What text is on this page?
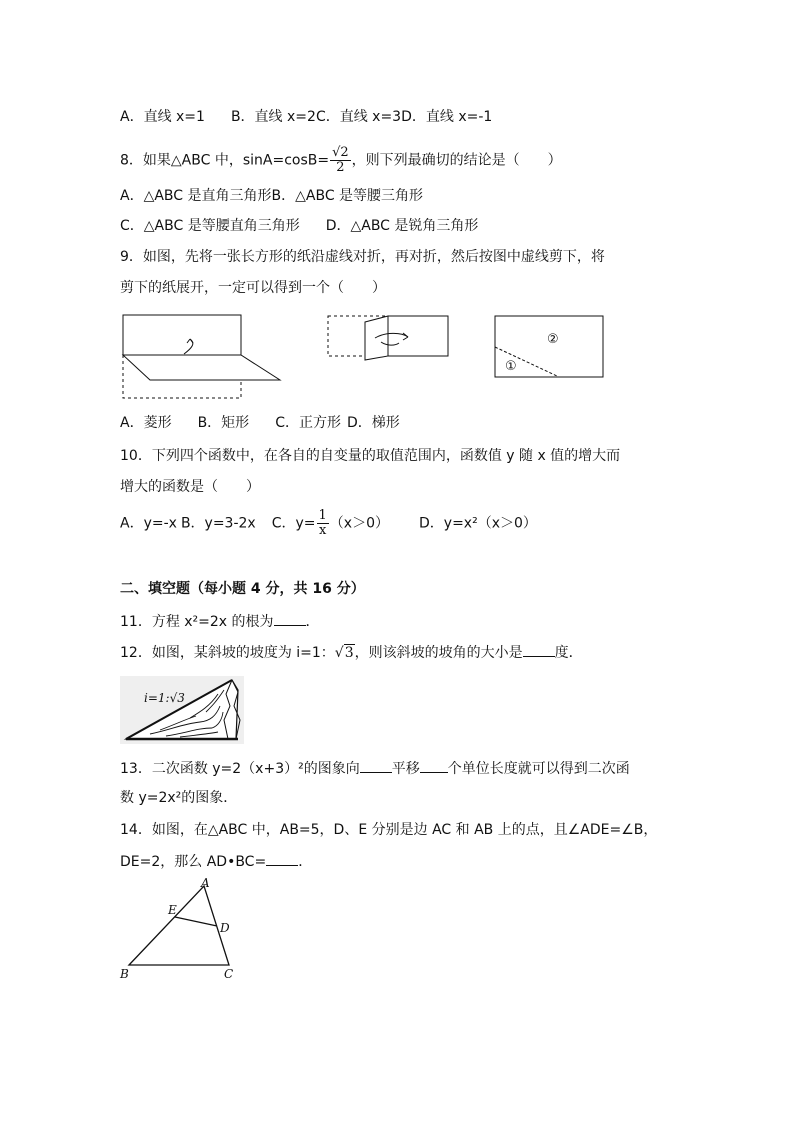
A．直线 x=1 B．直线 x=2C．直线 x=3D．直线 x=-1
8．如果△ABC 中，$\sin A=\cos B= \frac{√2}{2}$ ，则下列最确切的结论是（　　）
A．△ABC 是直角三角形B．△ABC 是等腰三角形
C．△ABC 是等腰直角三角形 D．△ABC 是锐角三角形
9．如图，先将一张长方形的纸沿虚线对折，再对折，然后按图中虚线剪下，将
剪下的纸展开，一定可以得到一个（　　）
②
①
A．菱形 B．矩形 C．正方形 D．梯形
10．下列四个函数中，在各自的自变量的取值范围内，函数值 y 随 x 值的增大而
增大的函数是（　　）
A．y=-x B．y=3-2x C．$y= \frac{1}{x} (x>0)$ D．y=x²（x＞0）
二、填空题（每小题 4 分，共 16 分）
11．方程 x²=2x 的根为 ．
12．如图，某斜坡的坡度为 i=1：√3，则该斜坡的坡角的大小是 度．
i=1:√3
13．二次函数 y=2（x+3）²的图象向 平移 个单位长度就可以得到二次函
数 y=2x²的图象．
14．如图，在△ABC 中，AB=5，D、E 分别是边 AC 和 AB 上的点，且∠ADE=∠B，
DE=2，那么 AD•BC= ．
A
E
D
B	C
